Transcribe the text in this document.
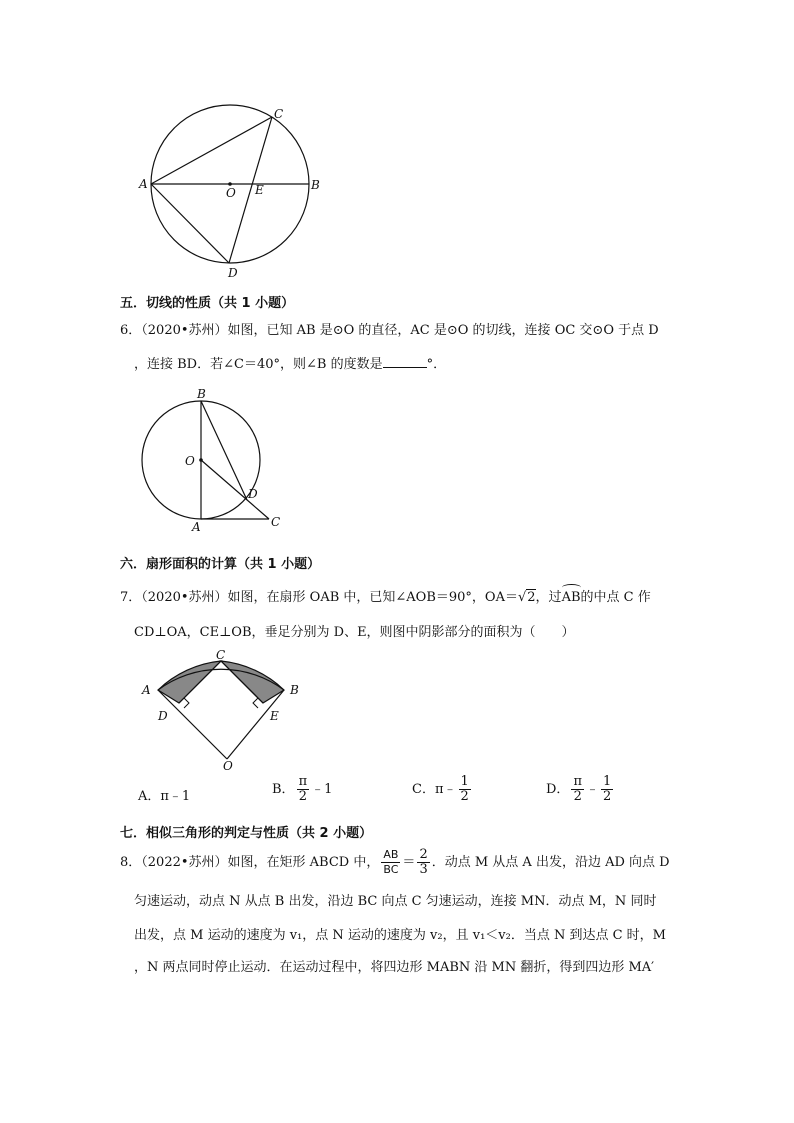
C
A
O E	B
D
五．切线的性质（共 1 小题）
6．（2020•苏州）如图，已知 AB 是⊙O 的直径，AC 是⊙O 的切线，连接 OC 交⊙O 于点 D
，连接 BD．若∠C＝40°，则∠B 的度数是	°．
B
O
D
A	C
六．扇形面积的计算（共 1 小题）
7．（2020•苏州）如图，在扇形 OAB 中，已知∠AOB＝90°，OA＝√2，过
AB的中点 C 作
CD⊥OA，CE⊥OB，垂足分别为 D、E，则图中阴影部分的面积为（　　）
C
A	B
D	E
O
A．π﹣1	B． $\frac{\pi}{2}$ ﹣1	C．π﹣ $\frac{1}{2}$	D． $\frac{\pi}{2}$ ﹣ $\frac{1}{2}$
七．相似三角形的判定与性质（共 2 小题）
8．（2022•苏州）如图，在矩形 ABCD 中， $\frac{AB}{BC} = \frac{2}{3}$ ．动点 M 从点 A 出发，沿边 AD 向点 D
匀速运动，动点 N 从点 B 出发，沿边 BC 向点 C 匀速运动，连接 MN．动点 M，N 同时
出发，点 M 运动的速度为 v₁，点 N 运动的速度为 v₂，且 v₁＜v₂．当点 N 到达点 C 时，M
，N 两点同时停止运动．在运动过程中，将四边形 MABN 沿 MN 翻折，得到四边形 MA′
